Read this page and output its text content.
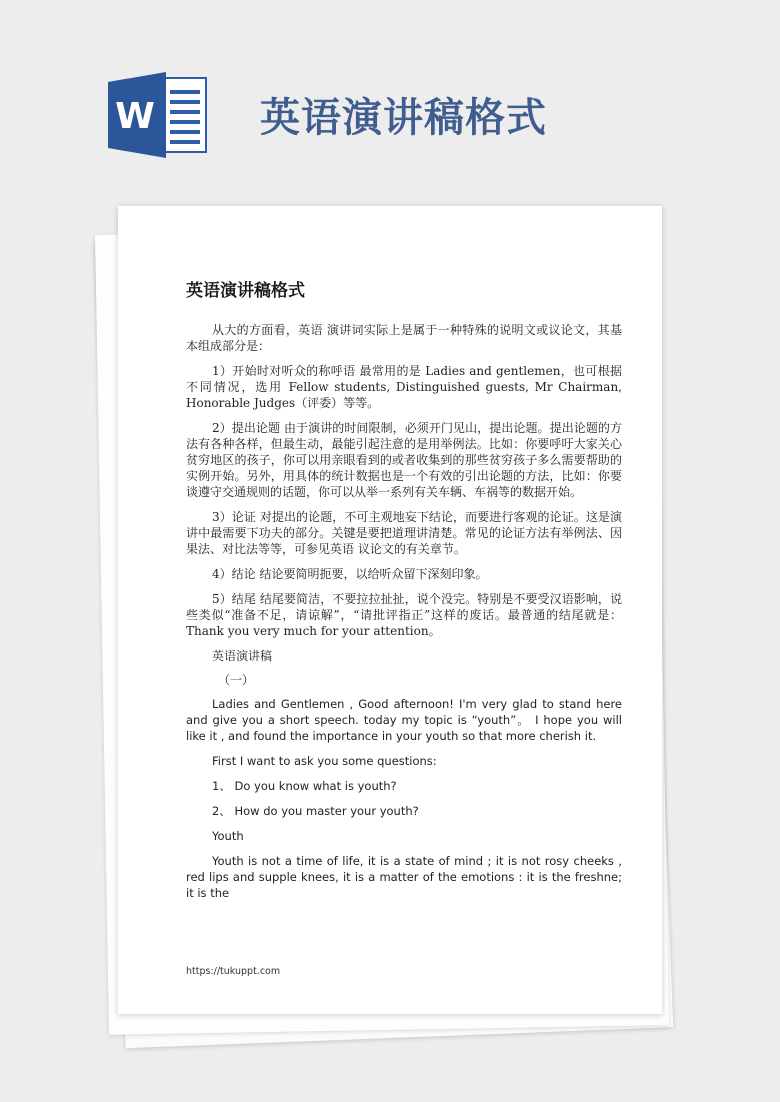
W	英语演讲稿格式
英语演讲稿格式

从大的方面看，英语 演讲词实际上是属于一种特殊的说明文或议论文，其基本组成部分是：

1）开始时对听众的称呼语 最常用的是 Ladies and gentlemen，也可根据不同情况，选用 Fellow students, Distinguished guests, Mr Chairman, Honorable Judges（评委）等等。

2）提出论题 由于演讲的时间限制，必须开门见山，提出论题。提出论题的方法有各种各样，但最生动，最能引起注意的是用举例法。比如：你要呼吁大家关心贫穷地区的孩子，你可以用亲眼看到的或者收集到的那些贫穷孩子多么需要帮助的实例开始。另外，用具体的统计数据也是一个有效的引出论题的方法，比如：你要谈遵守交通规则的话题，你可以从举一系列有关车辆、车祸等的数据开始。

3）论证 对提出的论题，不可主观地妄下结论，而要进行客观的论证。这是演讲中最需要下功夫的部分。关键是要把道理讲清楚。常见的论证方法有举例法、因果法、对比法等等，可参见英语 议论文的有关章节。

4）结论 结论要简明扼要，以给听众留下深刻印象。

5）结尾 结尾要简洁，不要拉拉扯扯，说个没完。特别是不要受汉语影响，说些类似“准备不足，请谅解”，“请批评指正”这样的废话。最普通的结尾就是：Thank you very much for your attention。

英语演讲稿

（一）

Ladies and Gentlemen , Good afternoon! I'm very glad to stand here and give you a short speech. today my topic is “youth”。 I hope you will like it , and found the importance in your youth so that more cherish it.

First I want to ask you some questions:

1、 Do you know what is youth?

2、 How do you master your youth?

Youth

Youth is not a time of life, it is a state of mind ; it is not rosy cheeks , red lips and supple knees, it is a matter of the emotions : it is the freshne; it is the

https://tukuppt.com
